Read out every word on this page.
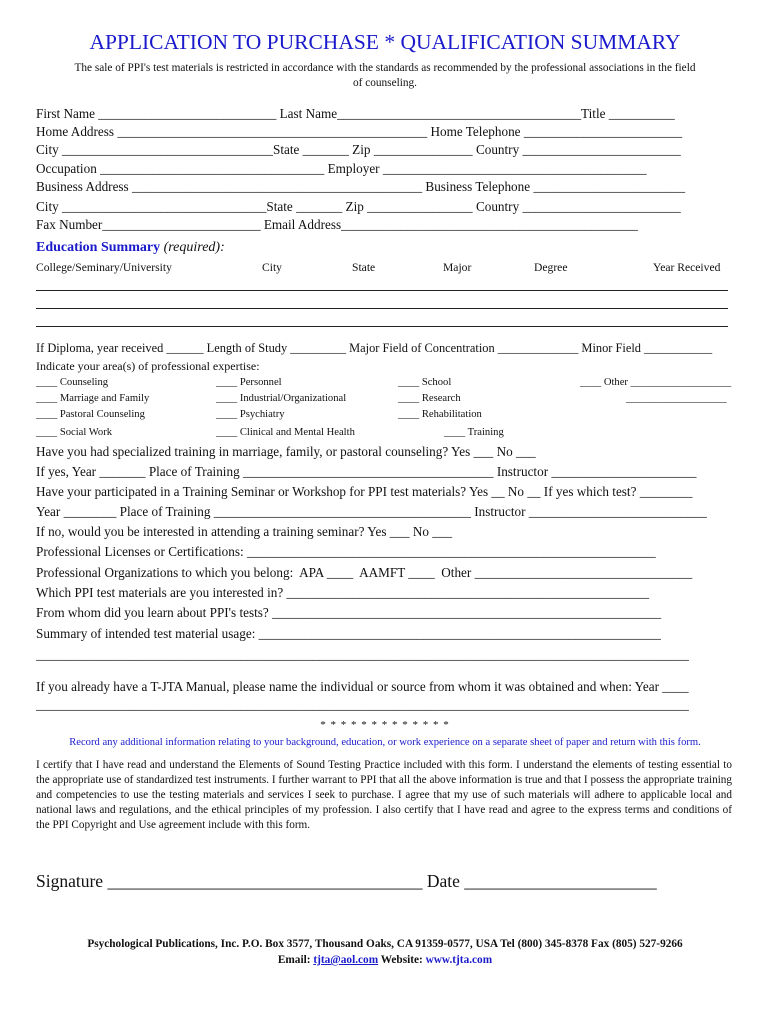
APPLICATION TO PURCHASE * QUALIFICATION SUMMARY
The sale of PPI's test materials is restricted in accordance with the standards as recommended by the professional associations in the field
of counseling.
First Name ___________________________ Last Name_____________________________________Title __________
Home Address _______________________________________________ Home Telephone ________________________
City ________________________________State _______ Zip _______________ Country ________________________
Occupation __________________________________ Employer ________________________________________
Business Address ____________________________________________ Business Telephone _______________________
City _______________________________State _______ Zip ________________ Country ________________________
Fax Number________________________ Email Address_____________________________________________
Education Summary (required):
College/Seminary/University	City	State	Major	Degree	Year Received
If Diploma, year received ______ Length of Study _________ Major Field of Concentration _____________ Minor Field ___________
Indicate your area(s) of professional expertise:
____ Counseling
____ Marriage and Family
____ Pastoral Counseling
____ Social Work
____ Personnel
____ Industrial/Organizational
____ Psychiatry
____ Clinical and Mental Health
____ School
____ Research
____ Rehabilitation
____ Training
____ Other ___________________
___________________
Have you had specialized training in marriage, family, or pastoral counseling? Yes ___ No ___
If yes, Year _______ Place of Training ______________________________________ Instructor ______________________
Have your participated in a Training Seminar or Workshop for PPI test materials? Yes __ No __ If yes which test? ________
Year ________ Place of Training _______________________________________ Instructor ___________________________
If no, would you be interested in attending a training seminar? Yes ___ No ___
Professional Licenses or Certifications: ______________________________________________________________
Professional Organizations to which you belong:  APA ____  AAMFT ____  Other _________________________________
Which PPI test materials are you interested in? _______________________________________________________
From whom did you learn about PPI's tests? ___________________________________________________________
Summary of intended test material usage: _____________________________________________________________
___________________________________________________________________________________________________
If you already have a T-JTA Manual, please name the individual or source from whom it was obtained and when: Year ____
___________________________________________________________________________________________________
* * * * * * * * * * * * *
Record any additional information relating to your background, education, or work experience on a separate sheet of paper and return with this form.
I certify that I have read and understand the Elements of Sound Testing Practice included with this form. I understand the elements of testing essential to the appropriate use of standardized test instruments. I further warrant to PPI that all the above information is true and that I possess the appropriate training and competencies to use the testing materials and services I seek to purchase. I agree that my use of such materials will adhere to applicable local and national laws and regulations, and the ethical principles of my profession. I also certify that I have read and agree to the express terms and conditions of the PPI Copyright and Use agreement include with this form.
Signature ____________________________________ Date ______________________
Psychological Publications, Inc. P.O. Box 3577, Thousand Oaks, CA 91359-0577, USA Tel (800) 345-8378 Fax (805) 527-9266
Email: tjta@aol.com Website: www.tjta.com
